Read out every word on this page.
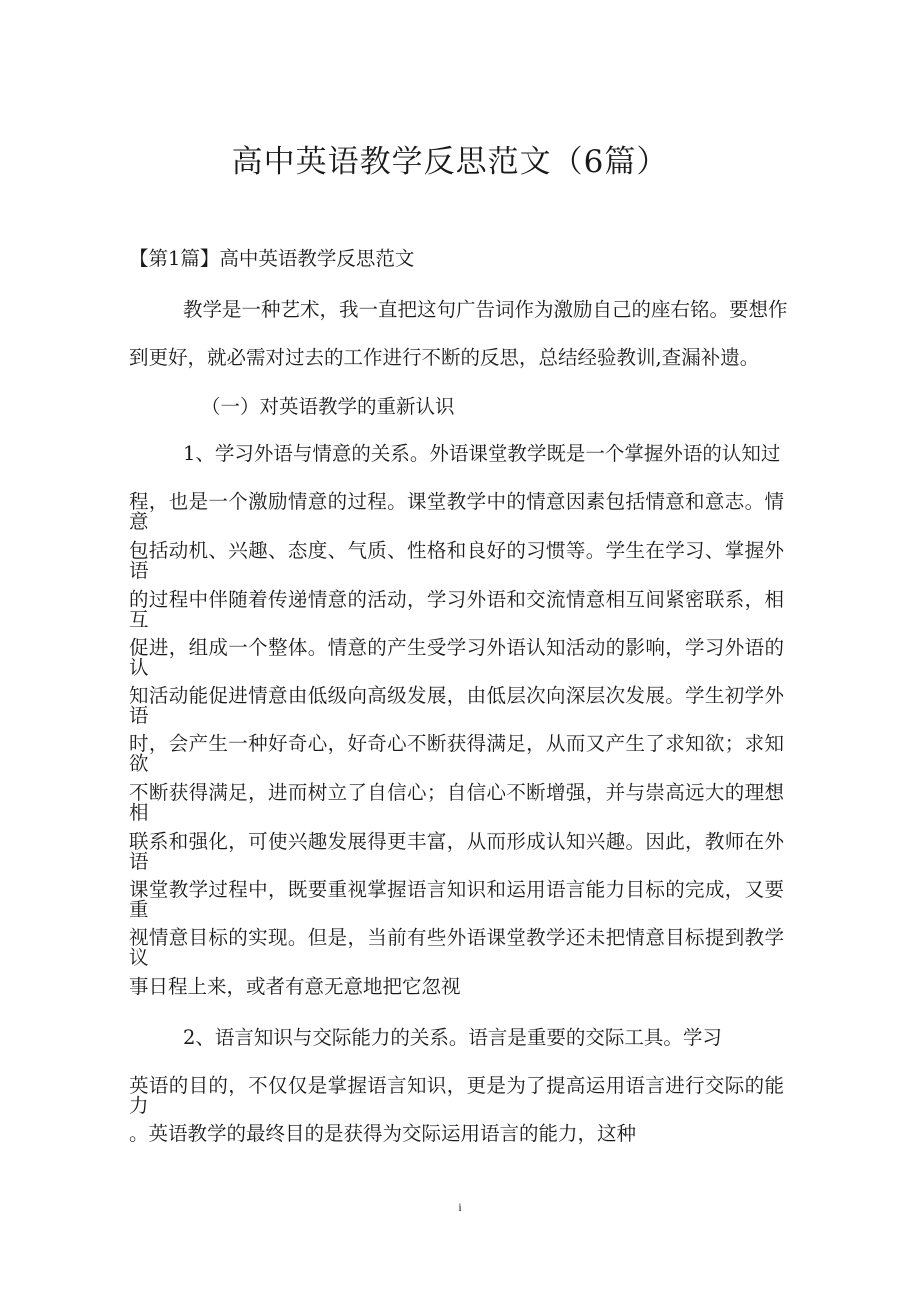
高中英语教学反思范文（6篇）

【第1篇】高中英语教学反思范文

教学是一种艺术，我一直把这句广告词作为激励自己的座右铭。要想作

到更好，就必需对过去的工作进行不断的反思，总结经验教训,查漏补遗。

（一）对英语教学的重新认识

1、学习外语与情意的关系。外语课堂教学既是一个掌握外语的认知过

程，也是一个激励情意的过程。课堂教学中的情意因素包括情意和意志。情意

包括动机、兴趣、态度、气质、性格和良好的习惯等。学生在学习、掌握外语

的过程中伴随着传递情意的活动，学习外语和交流情意相互间紧密联系，相互

促进，组成一个整体。情意的产生受学习外语认知活动的影响，学习外语的认

知活动能促进情意由低级向高级发展，由低层次向深层次发展。学生初学外语

时，会产生一种好奇心，好奇心不断获得满足，从而又产生了求知欲；求知欲

不断获得满足，进而树立了自信心；自信心不断增强，并与崇高远大的理想相

联系和强化，可使兴趣发展得更丰富，从而形成认知兴趣。因此，教师在外语

课堂教学过程中，既要重视掌握语言知识和运用语言能力目标的完成，又要重

视情意目标的实现。但是，当前有些外语课堂教学还未把情意目标提到教学议

事日程上来，或者有意无意地把它忽视

2、语言知识与交际能力的关系。语言是重要的交际工具。学习

英语的目的，不仅仅是掌握语言知识，更是为了提高运用语言进行交际的能力

。英语教学的最终目的是获得为交际运用语言的能力，这种

i
